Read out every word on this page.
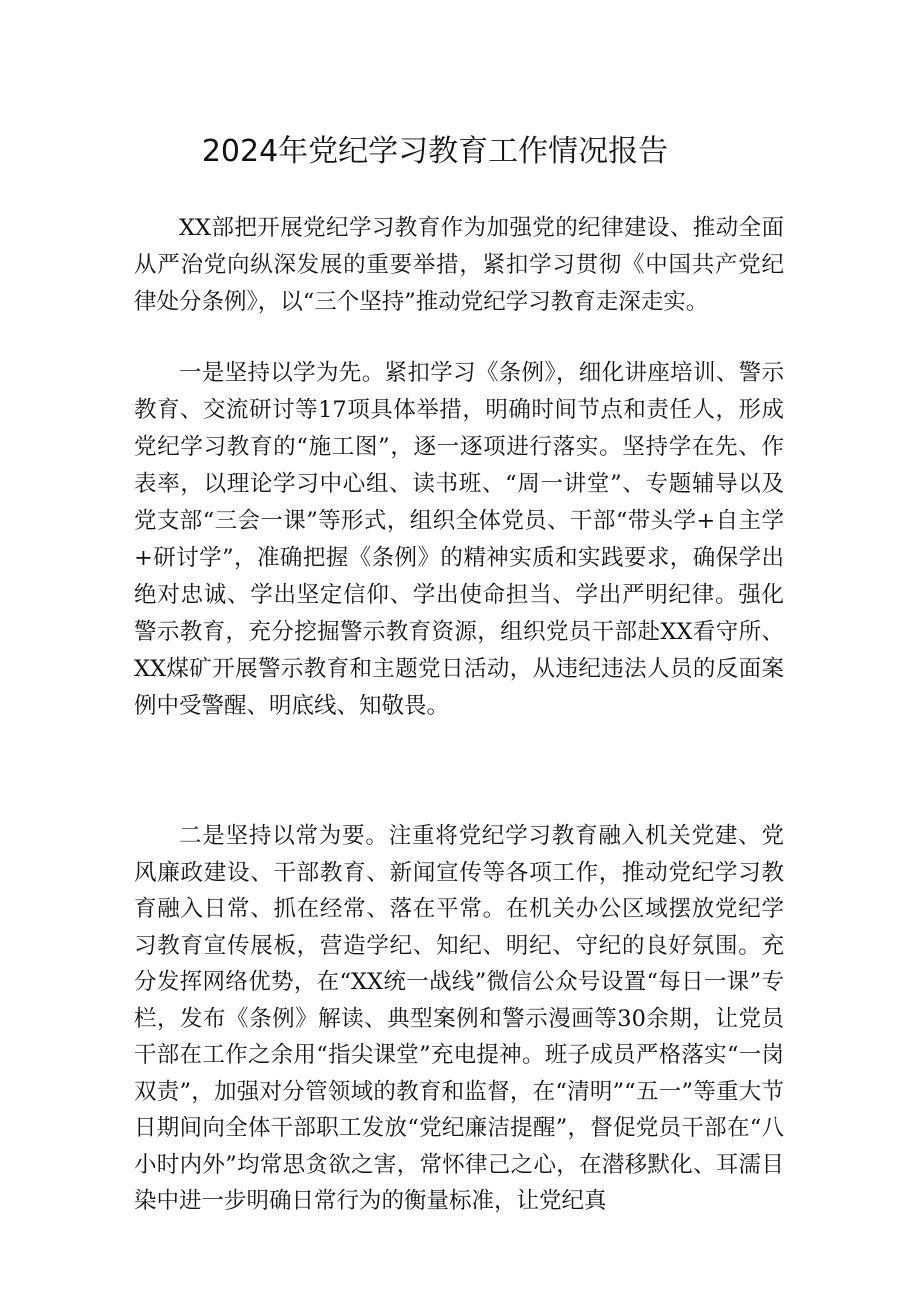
2024年党纪学习教育工作情况报告

XX部把开展党纪学习教育作为加强党的纪律建设、推动全面从严治党向纵深发展的重要举措，紧扣学习贯彻《中国共产党纪律处分条例》，以“三个坚持”推动党纪学习教育走深走实。

一是坚持以学为先。紧扣学习《条例》，细化讲座培训、警示教育、交流研讨等17项具体举措，明确时间节点和责任人，形成党纪学习教育的“施工图”，逐一逐项进行落实。坚持学在先、作表率，以理论学习中心组、读书班、“周一讲堂”、专题辅导以及党支部“三会一课”等形式，组织全体党员、干部“带头学+自主学+研讨学”，准确把握《条例》的精神实质和实践要求，确保学出绝对忠诚、学出坚定信仰、学出使命担当、学出严明纪律。强化警示教育，充分挖掘警示教育资源，组织党员干部赴XX看守所、XX煤矿开展警示教育和主题党日活动，从违纪违法人员的反面案例中受警醒、明底线、知敬畏。

二是坚持以常为要。注重将党纪学习教育融入机关党建、党风廉政建设、干部教育、新闻宣传等各项工作，推动党纪学习教育融入日常、抓在经常、落在平常。在机关办公区域摆放党纪学习教育宣传展板，营造学纪、知纪、明纪、守纪的良好氛围。充分发挥网络优势，在“XX统一战线”微信公众号设置“每日一课”专栏，发布《条例》解读、典型案例和警示漫画等30余期，让党员干部在工作之余用“指尖课堂”充电提神。班子成员严格落实“一岗双责”，加强对分管领域的教育和监督，在“清明”“五一”等重大节日期间向全体干部职工发放“党纪廉洁提醒”，督促党员干部在“八小时内外”均常思贪欲之害，常怀律己之心，在潜移默化、耳濡目染中进一步明确日常行为的衡量标准，让党纪真
